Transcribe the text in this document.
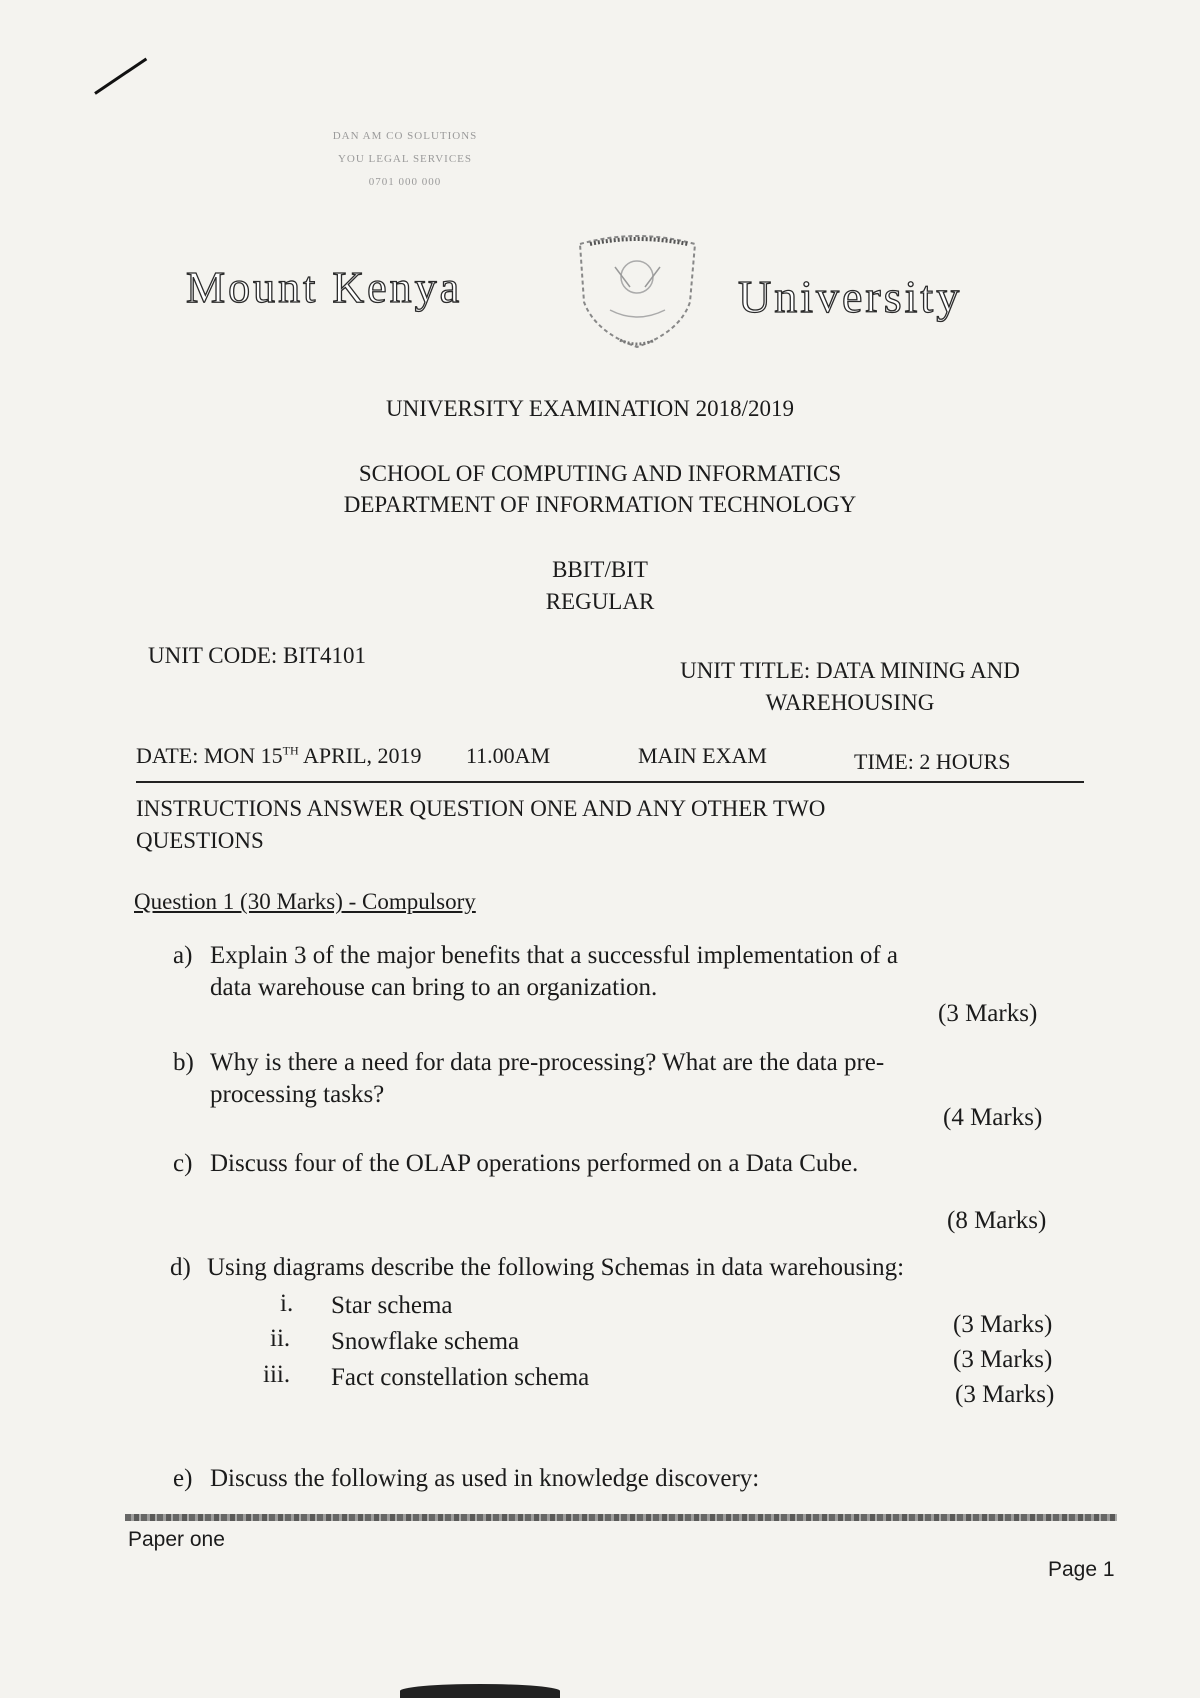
DAN AM CO SOLUTIONS
YOU LEGAL SERVICES
0701 000 000
Mount Kenya	University
UNIVERSITY EXAMINATION 2018/2019
SCHOOL OF COMPUTING AND INFORMATICS
DEPARTMENT OF INFORMATION TECHNOLOGY
BBIT/BIT
REGULAR
UNIT CODE: BIT4101
UNIT TITLE: DATA MINING AND
WAREHOUSING
DATE: MON 15TH APRIL, 2019 11.00AM	MAIN EXAM	TIME: 2 HOURS
INSTRUCTIONS ANSWER QUESTION ONE AND ANY OTHER TWO
QUESTIONS
Question 1 (30 Marks) - Compulsory
a) Explain 3 of the major benefits that a successful implementation of a
data warehouse can bring to an organization.
(3 Marks)
b) Why is there a need for data pre-processing? What are the data pre-
processing tasks?
(4 Marks)
c) Discuss four of the OLAP operations performed on a Data Cube.
(8 Marks)
d) Using diagrams describe the following Schemas in data warehousing:
i. Star schema
(3 Marks)
ii. Snowflake schema
(3 Marks)
iii. Fact constellation schema
(3 Marks)
e) Discuss the following as used in knowledge discovery:
Paper one
Page 1
